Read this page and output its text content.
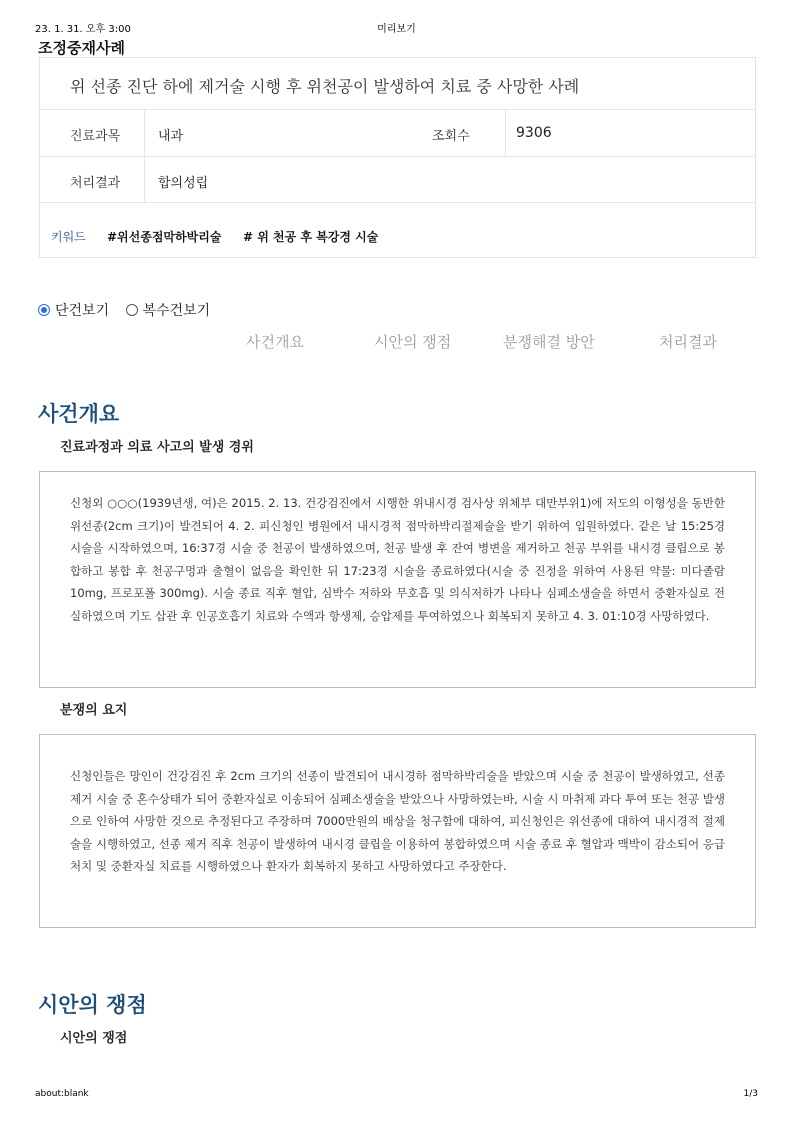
23. 1. 31. 오후 3:00	미리보기
조정중재사례
위 선종 진단 하에 제거술 시행 후 위천공이 발생하여 치료 중 사망한 사례
진료과목	내과	조회수	9306
처리결과	합의성립
키워드 #위선종점막하박리술 # 위 천공 후 복강경 시술
단건보기
복수건보기
사건개요	시안의 쟁점	분쟁해결 방안	처리결과
사건개요
진료과정과 의료 사고의 발생 경위

신청외 ○○○(1939년생, 여)은 2015. 2. 13. 건강검진에서 시행한 위내시경 검사상 위체부 대만부위1)에 저도의 이형성을 동반한 위선종(2cm 크기)이 발견되어 4. 2. 피신청인 병원에서 내시경적 점막하박리절제술을 받기 위하여 입원하였다. 같은 날 15:25경 시술을 시작하였으며, 16:37경 시술 중 천공이 발생하였으며, 천공 발생 후 잔여 병변을 제거하고 천공 부위를 내시경 클립으로 봉합하고 봉합 후 천공구멍과 출혈이 없음을 확인한 뒤 17:23경 시술을 종료하였다(시술 중 진정을 위하여 사용된 약물: 미다졸람 10mg, 프로포폴 300mg). 시술 종료 직후 혈압, 심박수 저하와 무호흡 및 의식저하가 나타나 심폐소생술을 하면서 중환자실로 전실하였으며 기도 삽관 후 인공호흡기 치료와 수액과 항생제, 승압제를 투여하였으나 회복되지 못하고 4. 3. 01:10경 사망하였다.

분쟁의 요지

신청인들은 망인이 건강검진 후 2cm 크기의 선종이 발견되어 내시경하 점막하박리술을 받았으며 시술 중 천공이 발생하였고, 선종제거 시술 중 혼수상태가 되어 중환자실로 이송되어 심폐소생술을 받았으나 사망하였는바, 시술 시 마취제 과다 투여 또는 천공 발생으로 인하여 사망한 것으로 추정된다고 주장하며 7000만원의 배상을 청구함에 대하여, 피신청인은 위선종에 대하여 내시경적 절제술을 시행하였고, 선종 제거 직후 천공이 발생하여 내시경 클립을 이용하여 봉합하였으며 시술 종료 후 혈압과 맥박이 감소되어 응급 처치 및 중환자실 치료를 시행하였으나 환자가 회복하지 못하고 사망하였다고 주장한다.

시안의 쟁점
시안의 쟁점
about:blank	1/3
